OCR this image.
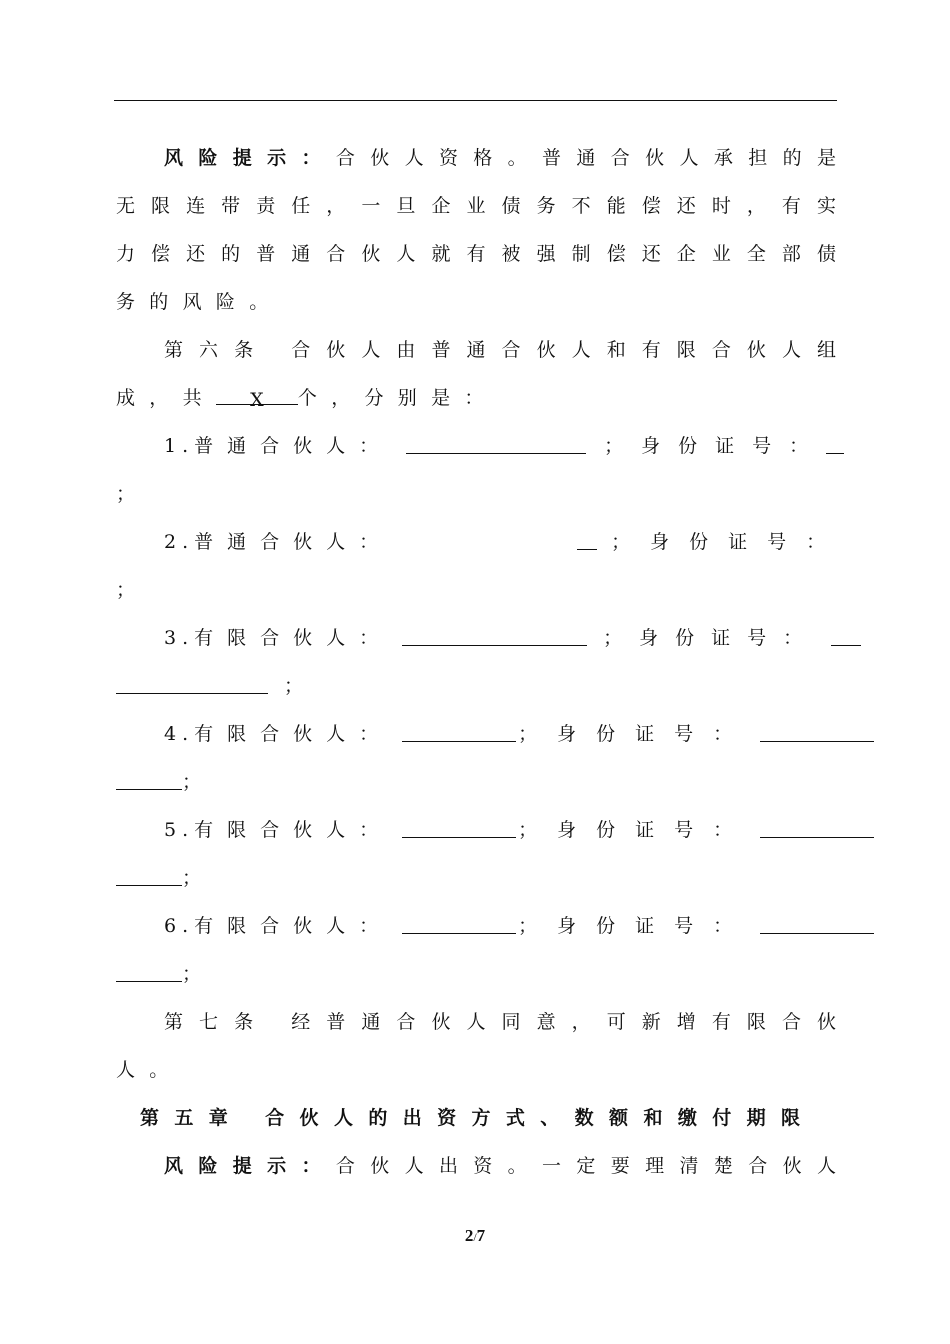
风险提示：合伙人资格。普通合伙人承担的是
无限连带责任，一旦企业债务不能偿还时，有实
力偿还的普通合伙人就有被强制偿还企业全部债
务的风险。
第六条 合伙人由普通合伙人和有限合伙人组
成，共 X 个，分别是：
1.普通合伙人：	；身份证号：
；
2.普通合伙人：	；身份证号：
；
3.有限合伙人：	；身份证号：
；
4.有限合伙人：	；身份证号：
；
5.有限合伙人：	；身份证号：
；
6.有限合伙人：	；身份证号：
；
第七条 经普通合伙人同意，可新增有限合伙
人。
第五章 合伙人的出资方式、数额和缴付期限
风险提示：合伙人出资。一定要理清楚合伙人
2/7
